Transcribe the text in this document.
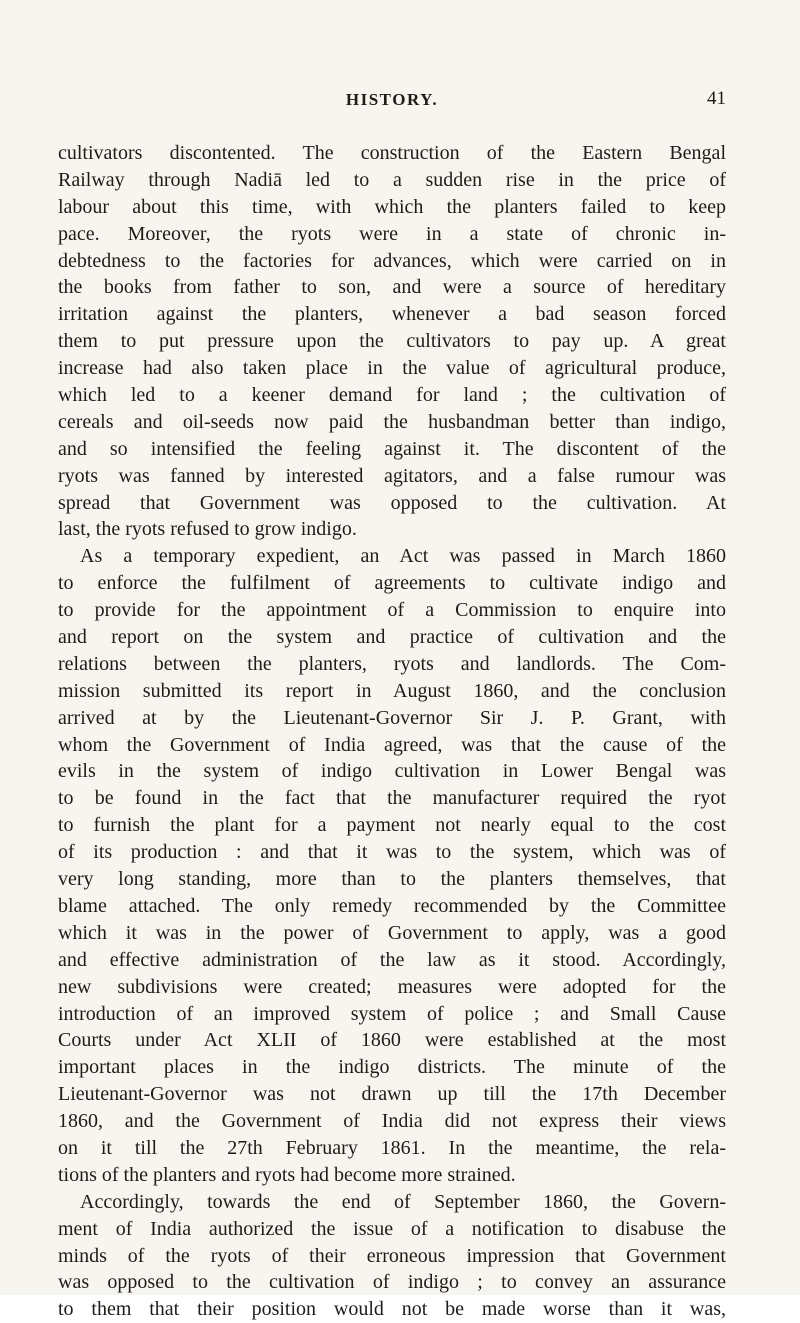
HISTORY.	41
cultivators discontented. The construction of the Eastern Bengal
Railway through Nadiā led to a sudden rise in the price of
labour about this time, with which the planters failed to keep
pace. Moreover, the ryots were in a state of chronic in-
debtedness to the factories for advances, which were carried on in
the books from father to son, and were a source of hereditary
irritation against the planters, whenever a bad season forced
them to put pressure upon the cultivators to pay up. A great
increase had also taken place in the value of agricultural produce,
which led to a keener demand for land ; the cultivation of
cereals and oil-seeds now paid the husbandman better than indigo,
and so intensified the feeling against it. The discontent of the
ryots was fanned by interested agitators, and a false rumour was
spread that Government was opposed to the cultivation. At
last, the ryots refused to grow indigo.
As a temporary expedient, an Act was passed in March 1860
to enforce the fulfilment of agreements to cultivate indigo and
to provide for the appointment of a Commission to enquire into
and report on the system and practice of cultivation and the
relations between the planters, ryots and landlords. The Com-
mission submitted its report in August 1860, and the conclusion
arrived at by the Lieutenant-Governor Sir J. P. Grant, with
whom the Government of India agreed, was that the cause of the
evils in the system of indigo cultivation in Lower Bengal was
to be found in the fact that the manufacturer required the ryot
to furnish the plant for a payment not nearly equal to the cost
of its production : and that it was to the system, which was of
very long standing, more than to the planters themselves, that
blame attached. The only remedy recommended by the Committee
which it was in the power of Government to apply, was a good
and effective administration of the law as it stood. Accordingly,
new subdivisions were created; measures were adopted for the
introduction of an improved system of police ; and Small Cause
Courts under Act XLII of 1860 were established at the most
important places in the indigo districts. The minute of the
Lieutenant-Governor was not drawn up till the 17th December
1860, and the Government of India did not express their views
on it till the 27th February 1861. In the meantime, the rela-
tions of the planters and ryots had become more strained.
Accordingly, towards the end of September 1860, the Govern-
ment of India authorized the issue of a notification to disabuse the
minds of the ryots of their erroneous impression that Government
was opposed to the cultivation of indigo ; to convey an assurance
to them that their position would not be made worse than it was,
